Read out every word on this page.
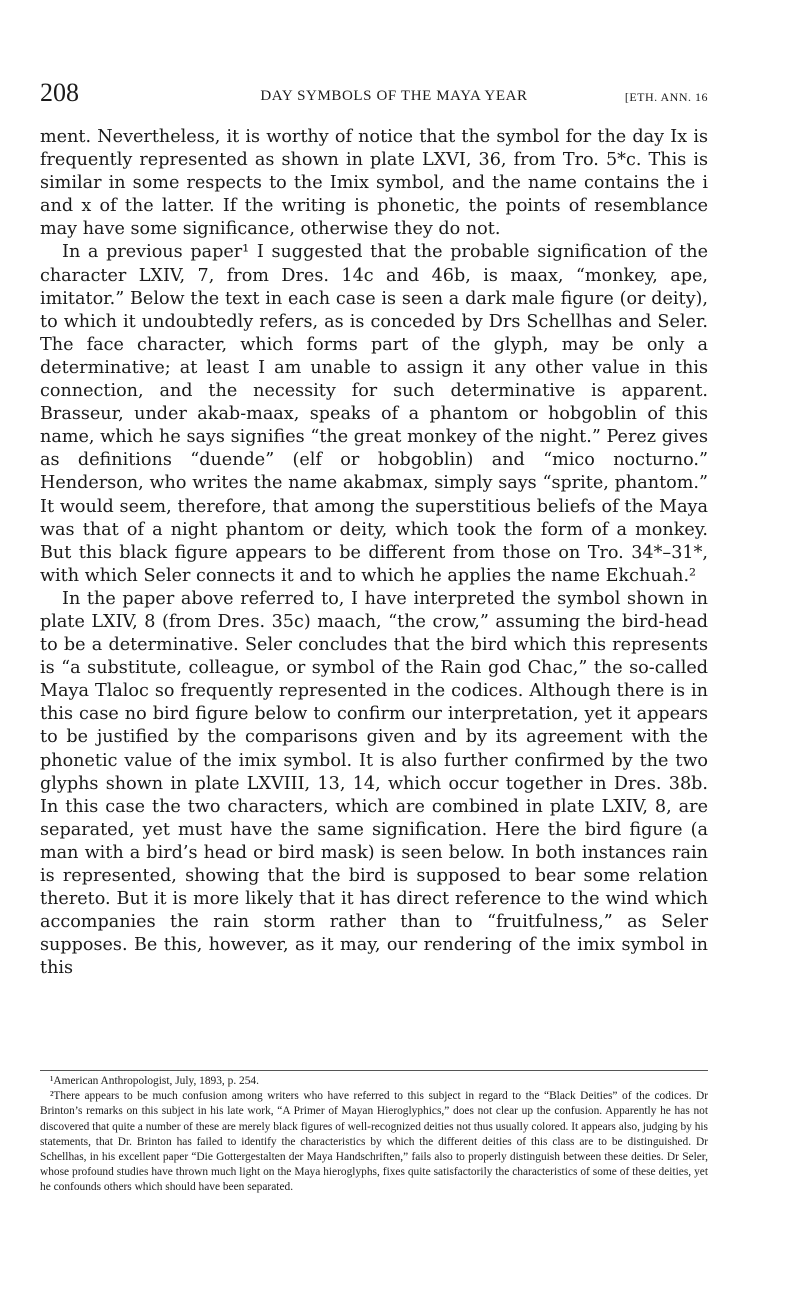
208	DAY SYMBOLS OF THE MAYA YEAR	[ETH. ANN. 16

ment. Nevertheless, it is worthy of notice that the symbol for the day Ix is frequently represented as shown in plate LXVI, 36, from Tro. 5*c. This is similar in some respects to the Imix symbol, and the name contains the i and x of the latter. If the writing is phonetic, the points of resemblance may have some significance, otherwise they do not.

In a previous paper¹ I suggested that the probable signification of the character LXIV, 7, from Dres. 14c and 46b, is maax, “monkey, ape, imitator.” Below the text in each case is seen a dark male figure (or deity), to which it undoubtedly refers, as is conceded by Drs Schellhas and Seler. The face character, which forms part of the glyph, may be only a determinative; at least I am unable to assign it any other value in this connection, and the necessity for such determinative is apparent. Brasseur, under akab-maax, speaks of a phantom or hobgoblin of this name, which he says signifies “the great monkey of the night.” Perez gives as definitions “duende” (elf or hobgoblin) and “mico nocturno.” Henderson, who writes the name akabmax, simply says “sprite, phantom.” It would seem, therefore, that among the superstitious beliefs of the Maya was that of a night phantom or deity, which took the form of a monkey. But this black figure appears to be different from those on Tro. 34*–31*, with which Seler connects it and to which he applies the name Ekchuah.²

In the paper above referred to, I have interpreted the symbol shown in plate LXIV, 8 (from Dres. 35c) maach, “the crow,” assuming the bird-head to be a determinative. Seler concludes that the bird which this represents is “a substitute, colleague, or symbol of the Rain god Chac,” the so-called Maya Tlaloc so frequently represented in the codices. Although there is in this case no bird figure below to confirm our interpretation, yet it appears to be justified by the comparisons given and by its agreement with the phonetic value of the imix symbol. It is also further confirmed by the two glyphs shown in plate LXVIII, 13, 14, which occur together in Dres. 38b. In this case the two characters, which are combined in plate LXIV, 8, are separated, yet must have the same signification. Here the bird figure (a man with a bird’s head or bird mask) is seen below. In both instances rain is represented, showing that the bird is supposed to bear some relation thereto. But it is more likely that it has direct reference to the wind which accompanies the rain storm rather than to “fruitfulness,” as Seler supposes. Be this, however, as it may, our rendering of the imix symbol in this

¹American Anthropologist, July, 1893, p. 254.

²There appears to be much confusion among writers who have referred to this subject in regard to the “Black Deities” of the codices. Dr Brinton’s remarks on this subject in his late work, “A Primer of Mayan Hieroglyphics,” does not clear up the confusion. Apparently he has not discovered that quite a number of these are merely black figures of well-recognized deities not thus usually colored. It appears also, judging by his statements, that Dr. Brinton has failed to identify the characteristics by which the different deities of this class are to be distinguished. Dr Schellhas, in his excellent paper “Die Gottergestalten der Maya Handschriften,” fails also to properly distinguish between these deities. Dr Seler, whose profound studies have thrown much light on the Maya hieroglyphs, fixes quite satisfactorily the characteristics of some of these deities, yet he confounds others which should have been separated.
